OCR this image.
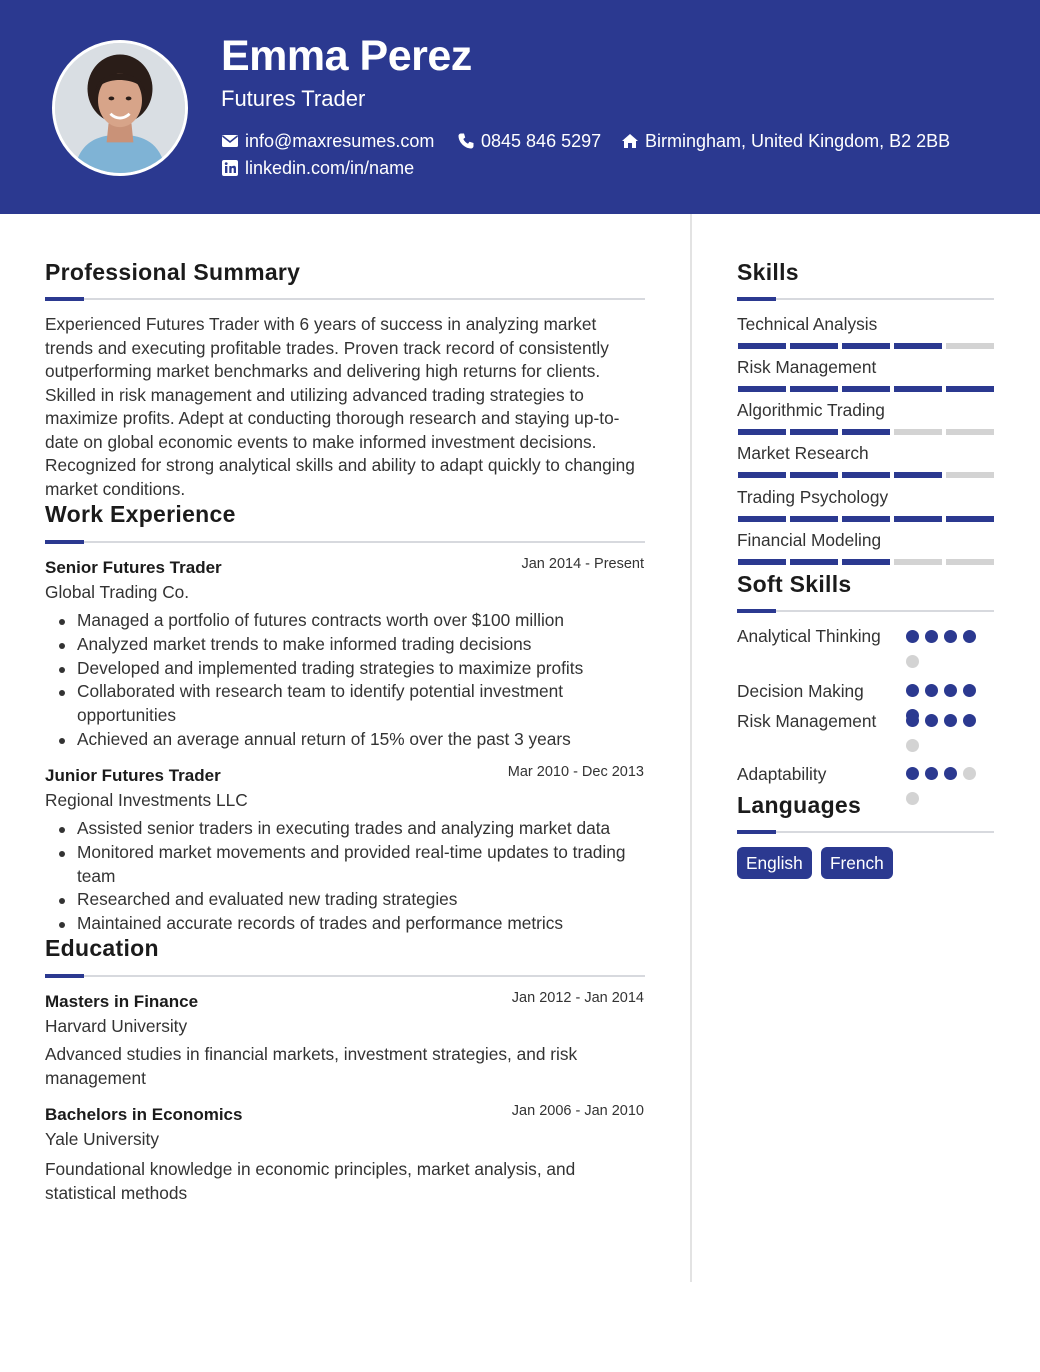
Emma Perez
Futures Trader
info@maxresumes.com	0845 846 5297 Birmingham, United Kingdom, B2 2BB
linkedin.com/in/name
Professional Summary
Experienced Futures Trader with 6 years of success in analyzing market trends and executing profitable trades. Proven track record of consistently outperforming market benchmarks and delivering high returns for clients. Skilled in risk management and utilizing advanced trading strategies to maximize profits. Adept at conducting thorough research and staying up-to-date on global economic events to make informed investment decisions. Recognized for strong analytical skills and ability to adapt quickly to changing market conditions.
Work Experience
Senior Futures Trader	Jan 2014 - Present
Global Trading Co.
Managed a portfolio of futures contracts worth over $100 million
Analyzed market trends to make informed trading decisions
Developed and implemented trading strategies to maximize profits
Collaborated with research team to identify potential investment opportunities
Achieved an average annual return of 15% over the past 3 years
Junior Futures Trader	Mar 2010 - Dec 2013
Regional Investments LLC
Assisted senior traders in executing trades and analyzing market data
Monitored market movements and provided real-time updates to trading team
Researched and evaluated new trading strategies
Maintained accurate records of trades and performance metrics
Education
Masters in Finance	Jan 2012 - Jan 2014
Harvard University
Advanced studies in financial markets, investment strategies, and risk management
Bachelors in Economics	Jan 2006 - Jan 2010
Yale University
Foundational knowledge in economic principles, market analysis, and statistical methods
Skills
Technical Analysis
Risk Management
Algorithmic Trading
Market Research
Trading Psychology
Financial Modeling
Soft Skills
Analytical Thinking
Decision Making
Risk Management
Adaptability
Languages
English	French
